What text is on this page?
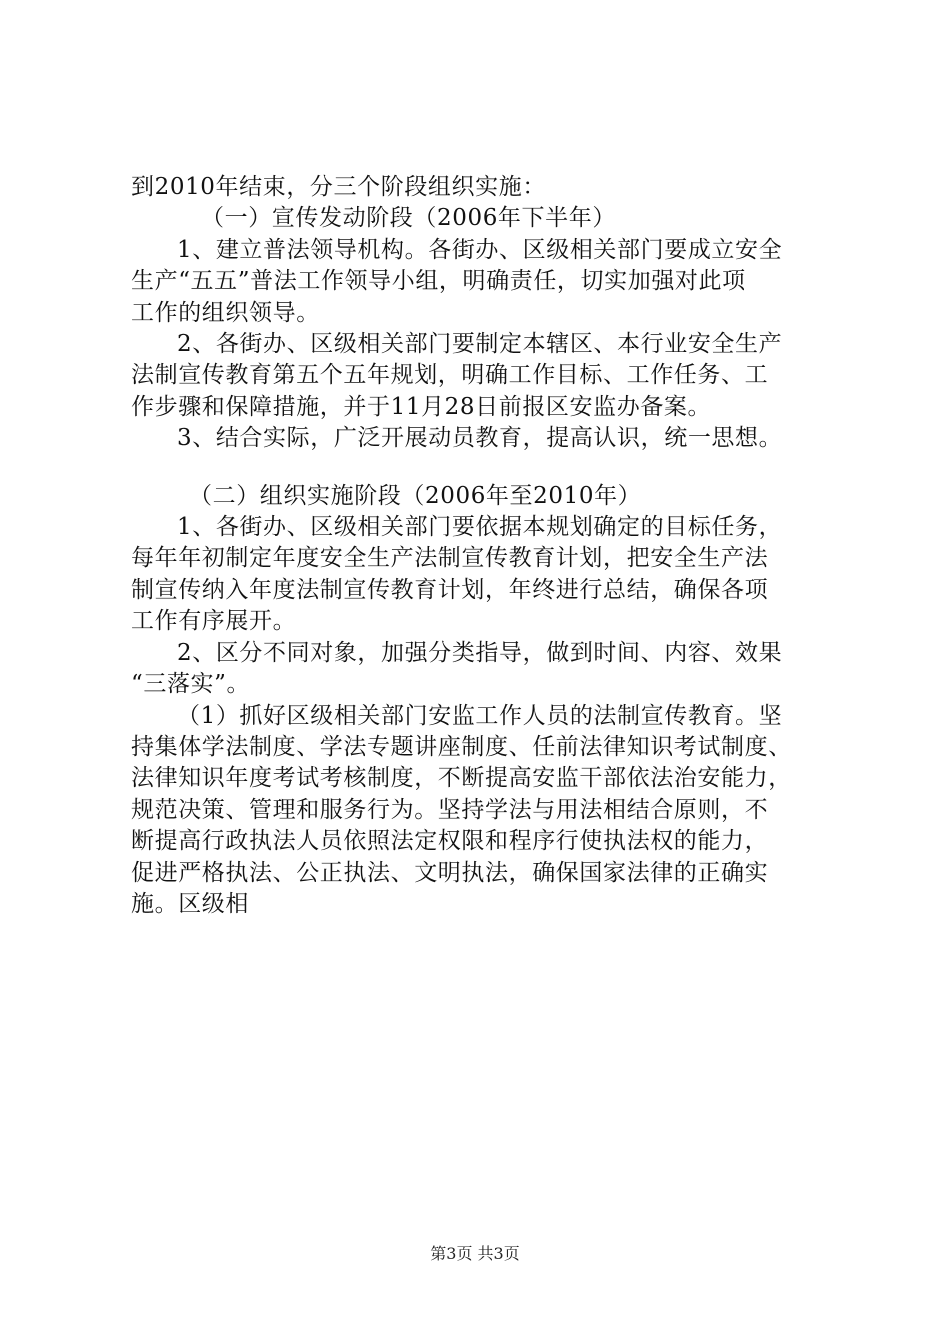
到2010年结束，分三个阶段组织实施：
（一）宣传发动阶段（2006年下半年）
1、建立普法领导机构。各街办、区级相关部门要成立安全
生产“五五”普法工作领导小组，明确责任，切实加强对此项
工作的组织领导。
2、各街办、区级相关部门要制定本辖区、本行业安全生产
法制宣传教育第五个五年规划，明确工作目标、工作任务、工
作步骤和保障措施，并于11月28日前报区安监办备案。
3、结合实际，广泛开展动员教育，提高认识，统一思想。
（二）组织实施阶段（2006年至2010年）
1、各街办、区级相关部门要依据本规划确定的目标任务，
每年年初制定年度安全生产法制宣传教育计划，把安全生产法
制宣传纳入年度法制宣传教育计划，年终进行总结，确保各项
工作有序展开。
2、区分不同对象，加强分类指导，做到时间、内容、效果
“三落实”。
（1）抓好区级相关部门安监工作人员的法制宣传教育。坚
持集体学法制度、学法专题讲座制度、任前法律知识考试制度、
法律知识年度考试考核制度，不断提高安监干部依法治安能力，
规范决策、管理和服务行为。坚持学法与用法相结合原则，不
断提高行政执法人员依照法定权限和程序行使执法权的能力，
促进严格执法、公正执法、文明执法，确保国家法律的正确实
施。区级相
第3页 共3页
